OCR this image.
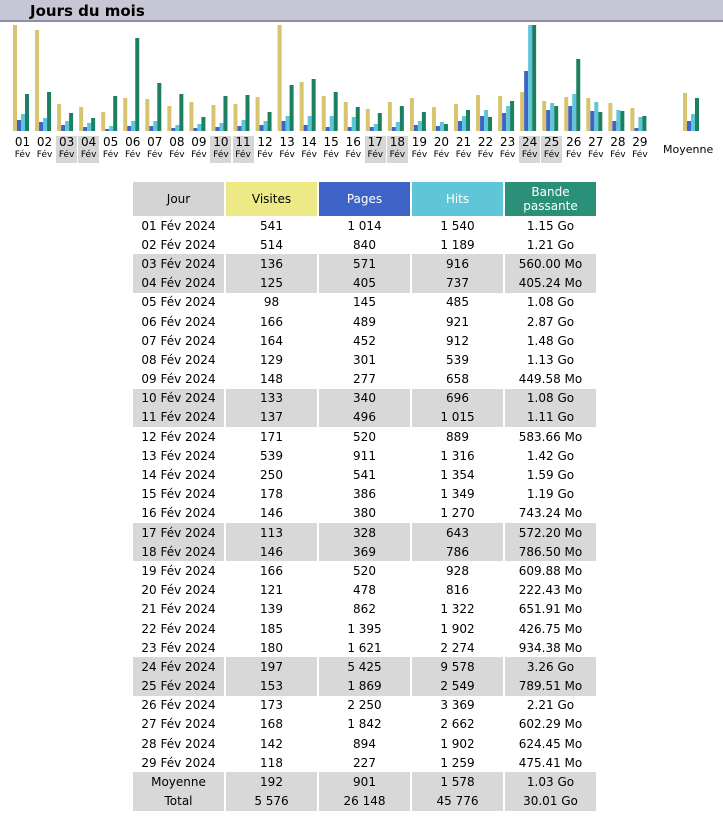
Jours du mois
01
Fév
02
Fév
03
Fév
04
Fév
05
Fév
06
Fév
07
Fév
08
Fév
09
Fév
10
Fév
11
Fév
12
Fév
13
Fév
14
Fév
15
Fév
16
Fév
17
Fév
18
Fév
19
Fév
20
Fév
21
Fév
22
Fév
23
Fév
24
Fév
25
Fév
26
Fév
27
Fév
28
Fév
29
Fév Moyenne
Jour	Visites	Pages	Hits	Bande passante
01 Fév 2024	541	1 014	1 540	1.15 Go
02 Fév 2024	514	840	1 189	1.21 Go
03 Fév 2024	136	571	916	560.00 Mo
04 Fév 2024	125	405	737	405.24 Mo
05 Fév 2024	98	145	485	1.08 Go
06 Fév 2024	166	489	921	2.87 Go
07 Fév 2024	164	452	912	1.48 Go
08 Fév 2024	129	301	539	1.13 Go
09 Fév 2024	148	277	658	449.58 Mo
10 Fév 2024	133	340	696	1.08 Go
11 Fév 2024	137	496	1 015	1.11 Go
12 Fév 2024	171	520	889	583.66 Mo
13 Fév 2024	539	911	1 316	1.42 Go
14 Fév 2024	250	541	1 354	1.59 Go
15 Fév 2024	178	386	1 349	1.19 Go
16 Fév 2024	146	380	1 270	743.24 Mo
17 Fév 2024	113	328	643	572.20 Mo
18 Fév 2024	146	369	786	786.50 Mo
19 Fév 2024	166	520	928	609.88 Mo
20 Fév 2024	121	478	816	222.43 Mo
21 Fév 2024	139	862	1 322	651.91 Mo
22 Fév 2024	185	1 395	1 902	426.75 Mo
23 Fév 2024	180	1 621	2 274	934.38 Mo
24 Fév 2024	197	5 425	9 578	3.26 Go
25 Fév 2024	153	1 869	2 549	789.51 Mo
26 Fév 2024	173	2 250	3 369	2.21 Go
27 Fév 2024	168	1 842	2 662	602.29 Mo
28 Fév 2024	142	894	1 902	624.45 Mo
29 Fév 2024	118	227	1 259	475.41 Mo
Moyenne	192	901	1 578	1.03 Go
Total	5 576	26 148	45 776	30.01 Go
